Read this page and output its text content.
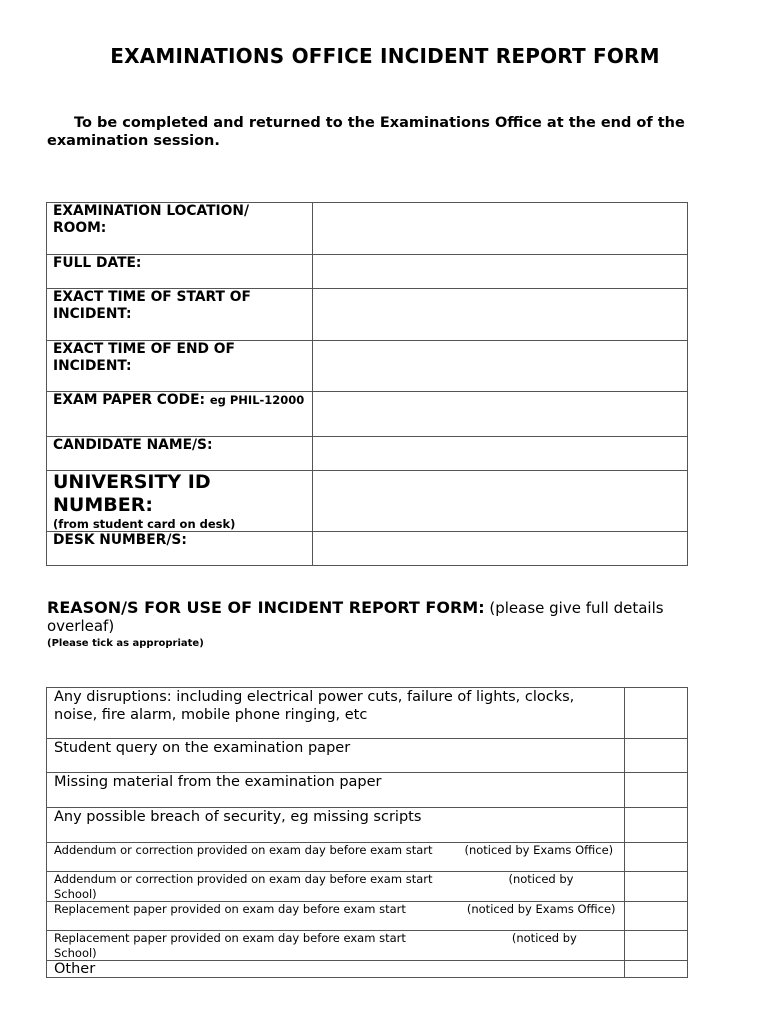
EXAMINATIONS OFFICE INCIDENT REPORT FORM
To be completed and returned to the Examinations Office at the end of the examination session.
EXAMINATION LOCATION/ ROOM:	
FULL DATE:	
EXACT TIME OF START OF INCIDENT:	
EXACT TIME OF END OF INCIDENT:	
EXAM PAPER CODE: eg PHIL-12000	
CANDIDATE NAME/S:	

UNIVERSITY ID NUMBER:
(from student card on desk)	

DESK NUMBER/S:	
REASON/S FOR USE OF INCIDENT REPORT FORM: (please give full details overleaf)
(Please tick as appropriate)
Any disruptions: including electrical power cuts, failure of lights, clocks, noise, fire alarm, mobile phone ringing, etc	
Student query on the examination paper	
Missing material from the examination paper	
Any possible breach of security, eg missing scripts	
Addendum or correction provided on exam day before exam start (noticed by Exams Office)	
Addendum or correction provided on exam day before exam start (noticed by School)	
Replacement paper provided on exam day before exam start (noticed by Exams Office)	
Replacement paper provided on exam day before exam start (noticed by School)	
Other	
